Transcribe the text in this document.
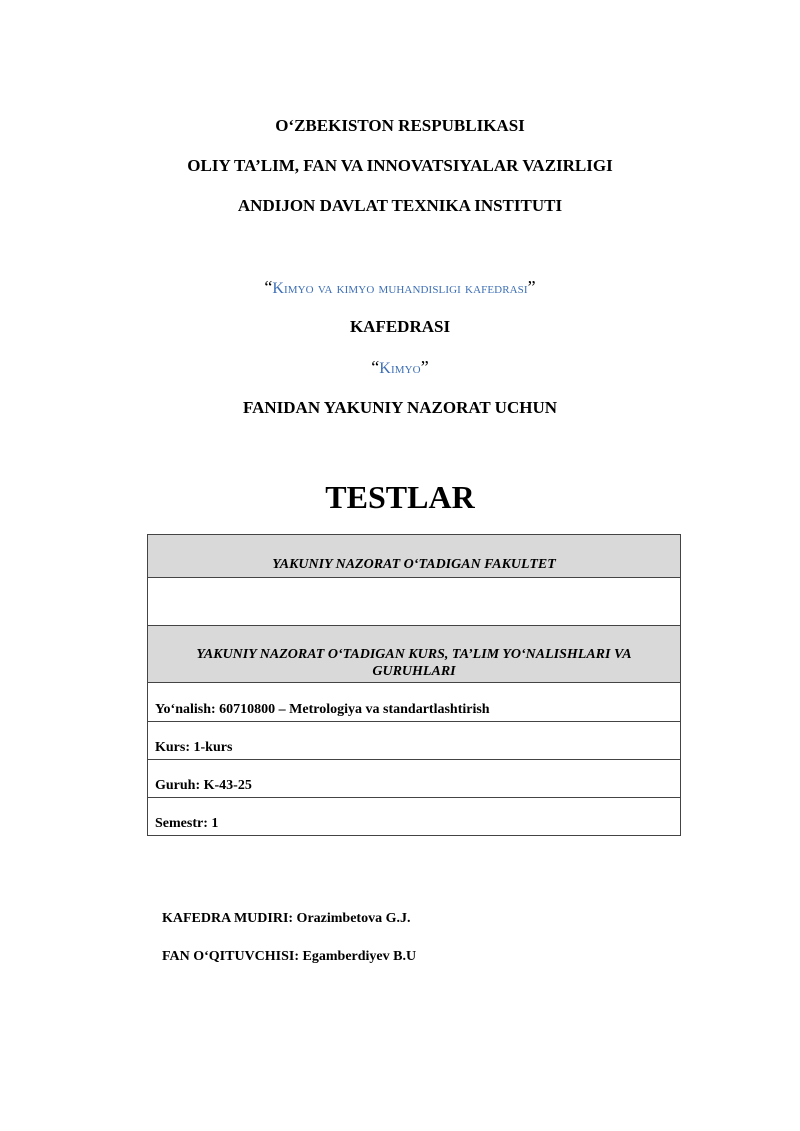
O‘ZBEKISTON RESPUBLIKASI
OLIY TA’LIM, FAN VA INNOVATSIYALAR VAZIRLIGI
ANDIJON DAVLAT TEXNIKA INSTITUTI
“Kimyo va kimyo muhandisligi kafedrasi”
KAFEDRASI
“Kimyo”
FANIDAN YAKUNIY NAZORAT UCHUN
TESTLAR
YAKUNIY NAZORAT O‘TADIGAN FAKULTET

YAKUNIY NAZORAT O‘TADIGAN KURS, TA’LIM YO‘NALISHLARI VA GURUHLARI
Yo‘nalish: 60710800 – Metrologiya va standartlashtirish
Kurs: 1-kurs
Guruh: K-43-25
Semestr: 1
KAFEDRA MUDIRI: Orazimbetova G.J.
FAN O‘QITUVCHISI: Egamberdiyev B.U
